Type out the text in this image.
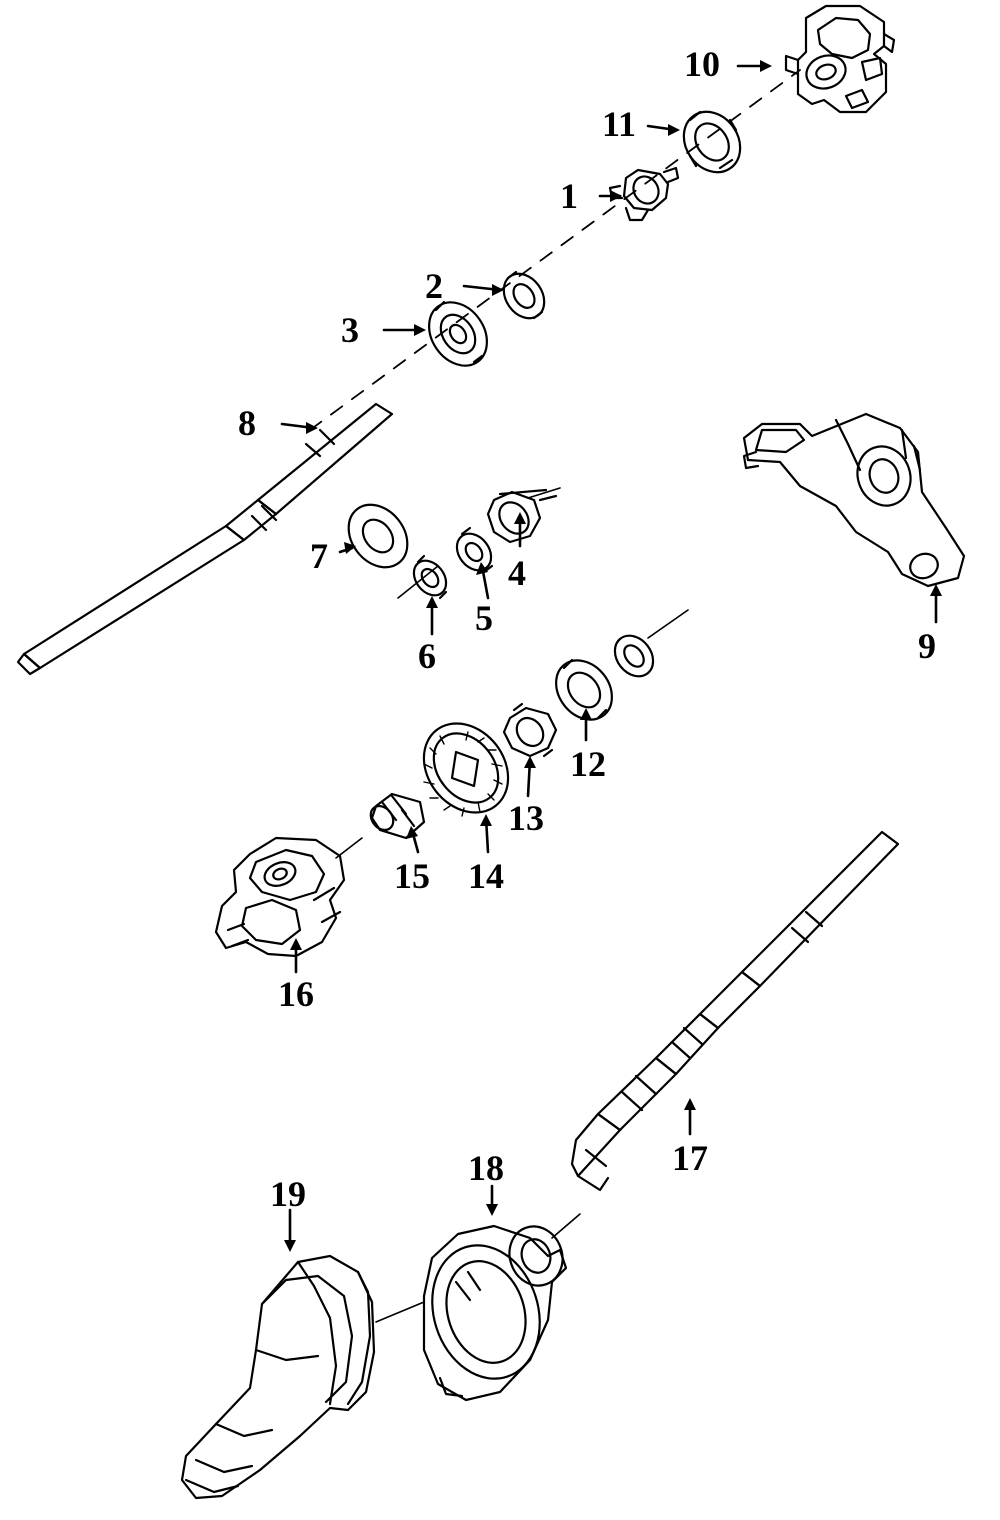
1
2
3
4
5
6
7
8
9
10
11
12
13
14
15
16
17
18
19
